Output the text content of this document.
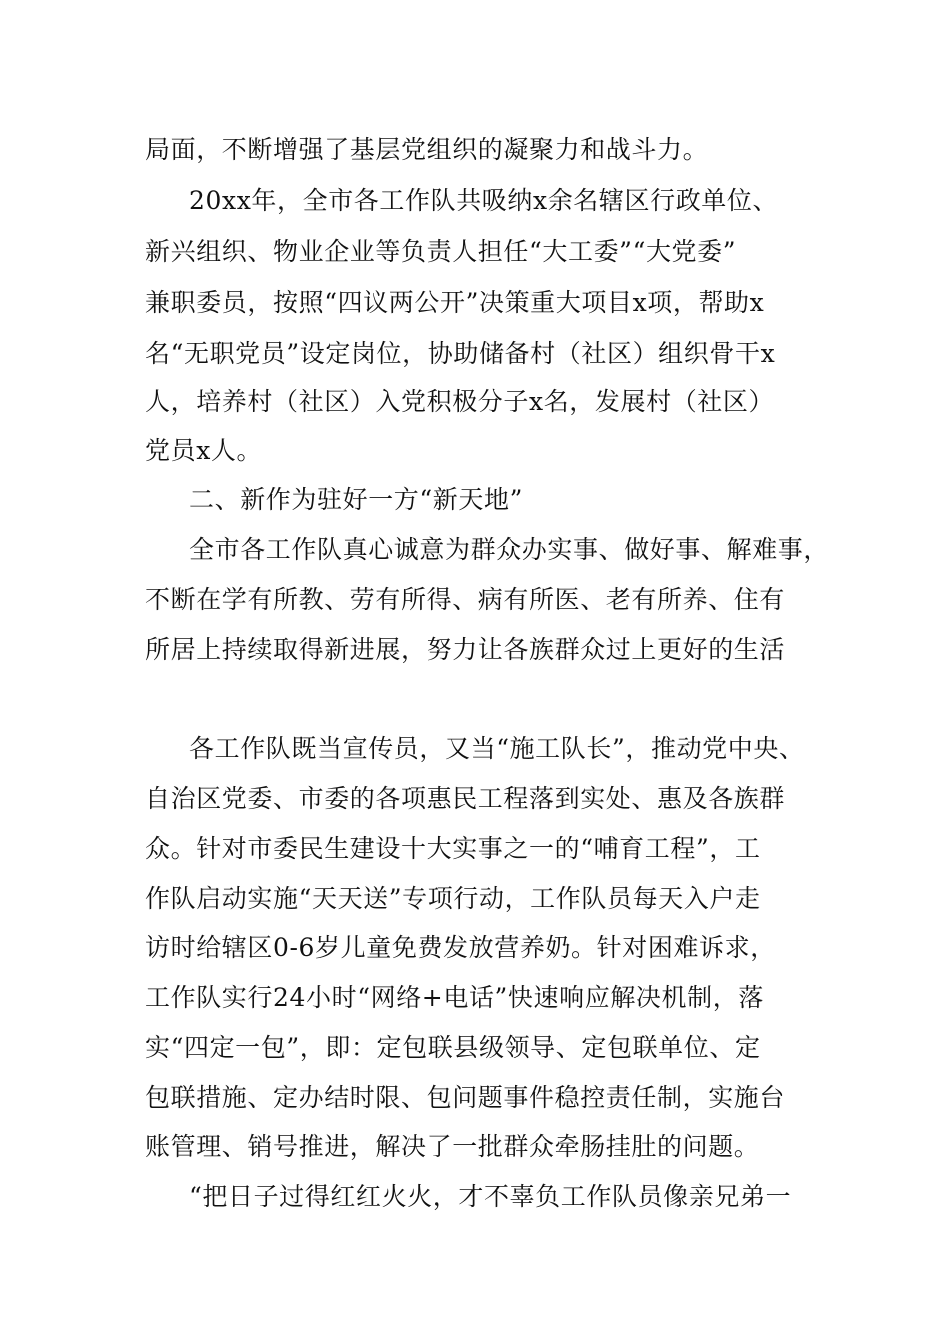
局面，不断增强了基层党组织的凝聚力和战斗力。
20xx年，全市各工作队共吸纳x余名辖区行政单位、
新兴组织、物业企业等负责人担任“大工委”“大党委”
兼职委员，按照“四议两公开”决策重大项目x项，帮助x
名“无职党员”设定岗位，协助储备村（社区）组织骨干x
人，培养村（社区）入党积极分子x名，发展村（社区）
党员x人。
二、新作为驻好一方“新天地”
全市各工作队真心诚意为群众办实事、做好事、解难事，
不断在学有所教、劳有所得、病有所医、老有所养、住有
所居上持续取得新进展，努力让各族群众过上更好的生活
各工作队既当宣传员，又当“施工队长”，推动党中央、
自治区党委、市委的各项惠民工程落到实处、惠及各族群
众。针对市委民生建设十大实事之一的“哺育工程”，工
作队启动实施“天天送”专项行动，工作队员每天入户走
访时给辖区0-6岁儿童免费发放营养奶。针对困难诉求，
工作队实行24小时“网络+电话”快速响应解决机制，落
实“四定一包”，即：定包联县级领导、定包联单位、定
包联措施、定办结时限、包问题事件稳控责任制，实施台
账管理、销号推进，解决了一批群众牵肠挂肚的问题。
“把日子过得红红火火，才不辜负工作队员像亲兄弟一
